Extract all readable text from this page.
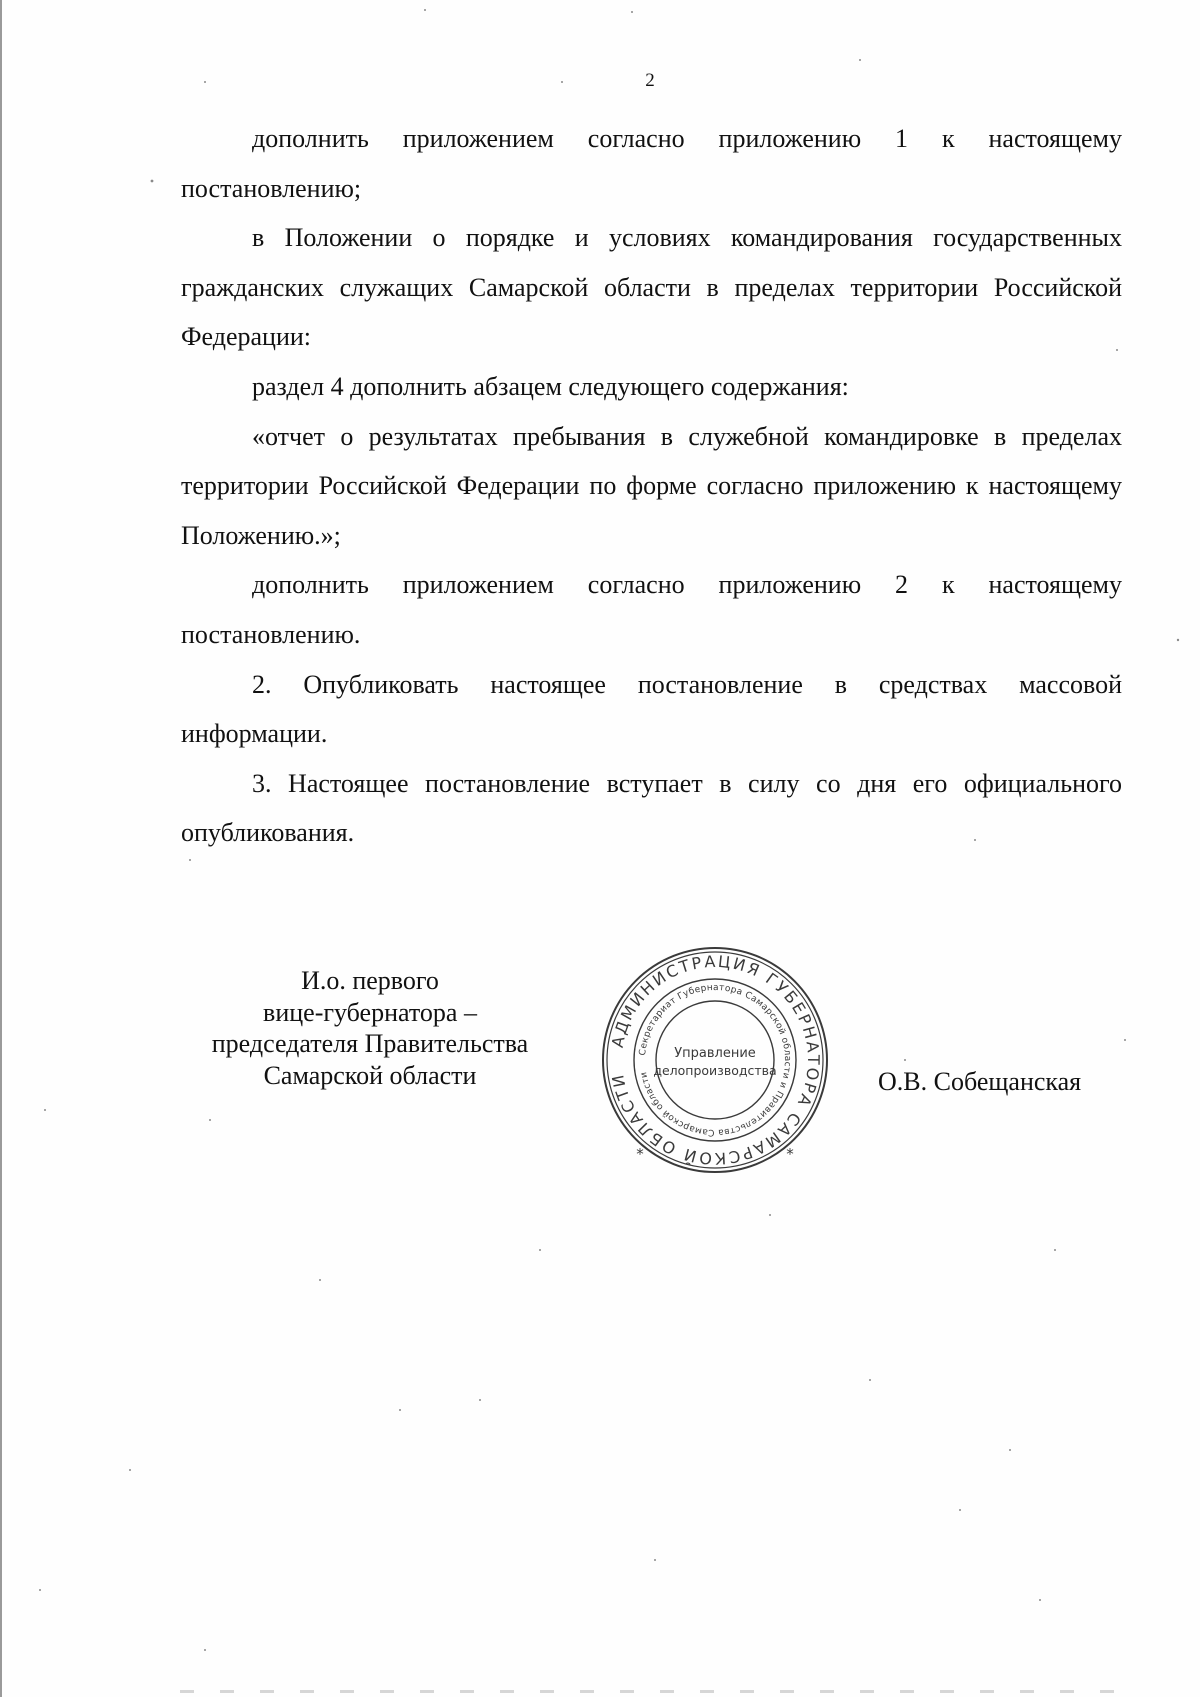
2

дополнить приложением согласно приложению 1 к настоящему постановлению;

в Положении о порядке и условиях командирования государственных гражданских служащих Самарской области в пределах территории Российской Федерации:

раздел 4 дополнить абзацем следующего содержания:

«отчет о результатах пребывания в служебной командировке в пределах территории Российской Федерации по форме согласно приложению к настоящему Положению.»;

дополнить приложением согласно приложению 2 к настоящему постановлению.

2. Опубликовать настоящее постановление в средствах массовой информации.

3. Настоящее постановление вступает в силу со дня его официального опубликования.

И.о. первого
вице-губернатора –
председателя Правительства
Самарской области
АДМИНИСТРАЦИЯ ГУБЕРНАТОРА САМАРСКОЙ ОБЛАСТИ
Секретариат Губернатора Самарской области и Правительства Самарской области
*	*
Управление
делопроизводства	О.В. Собещанская
